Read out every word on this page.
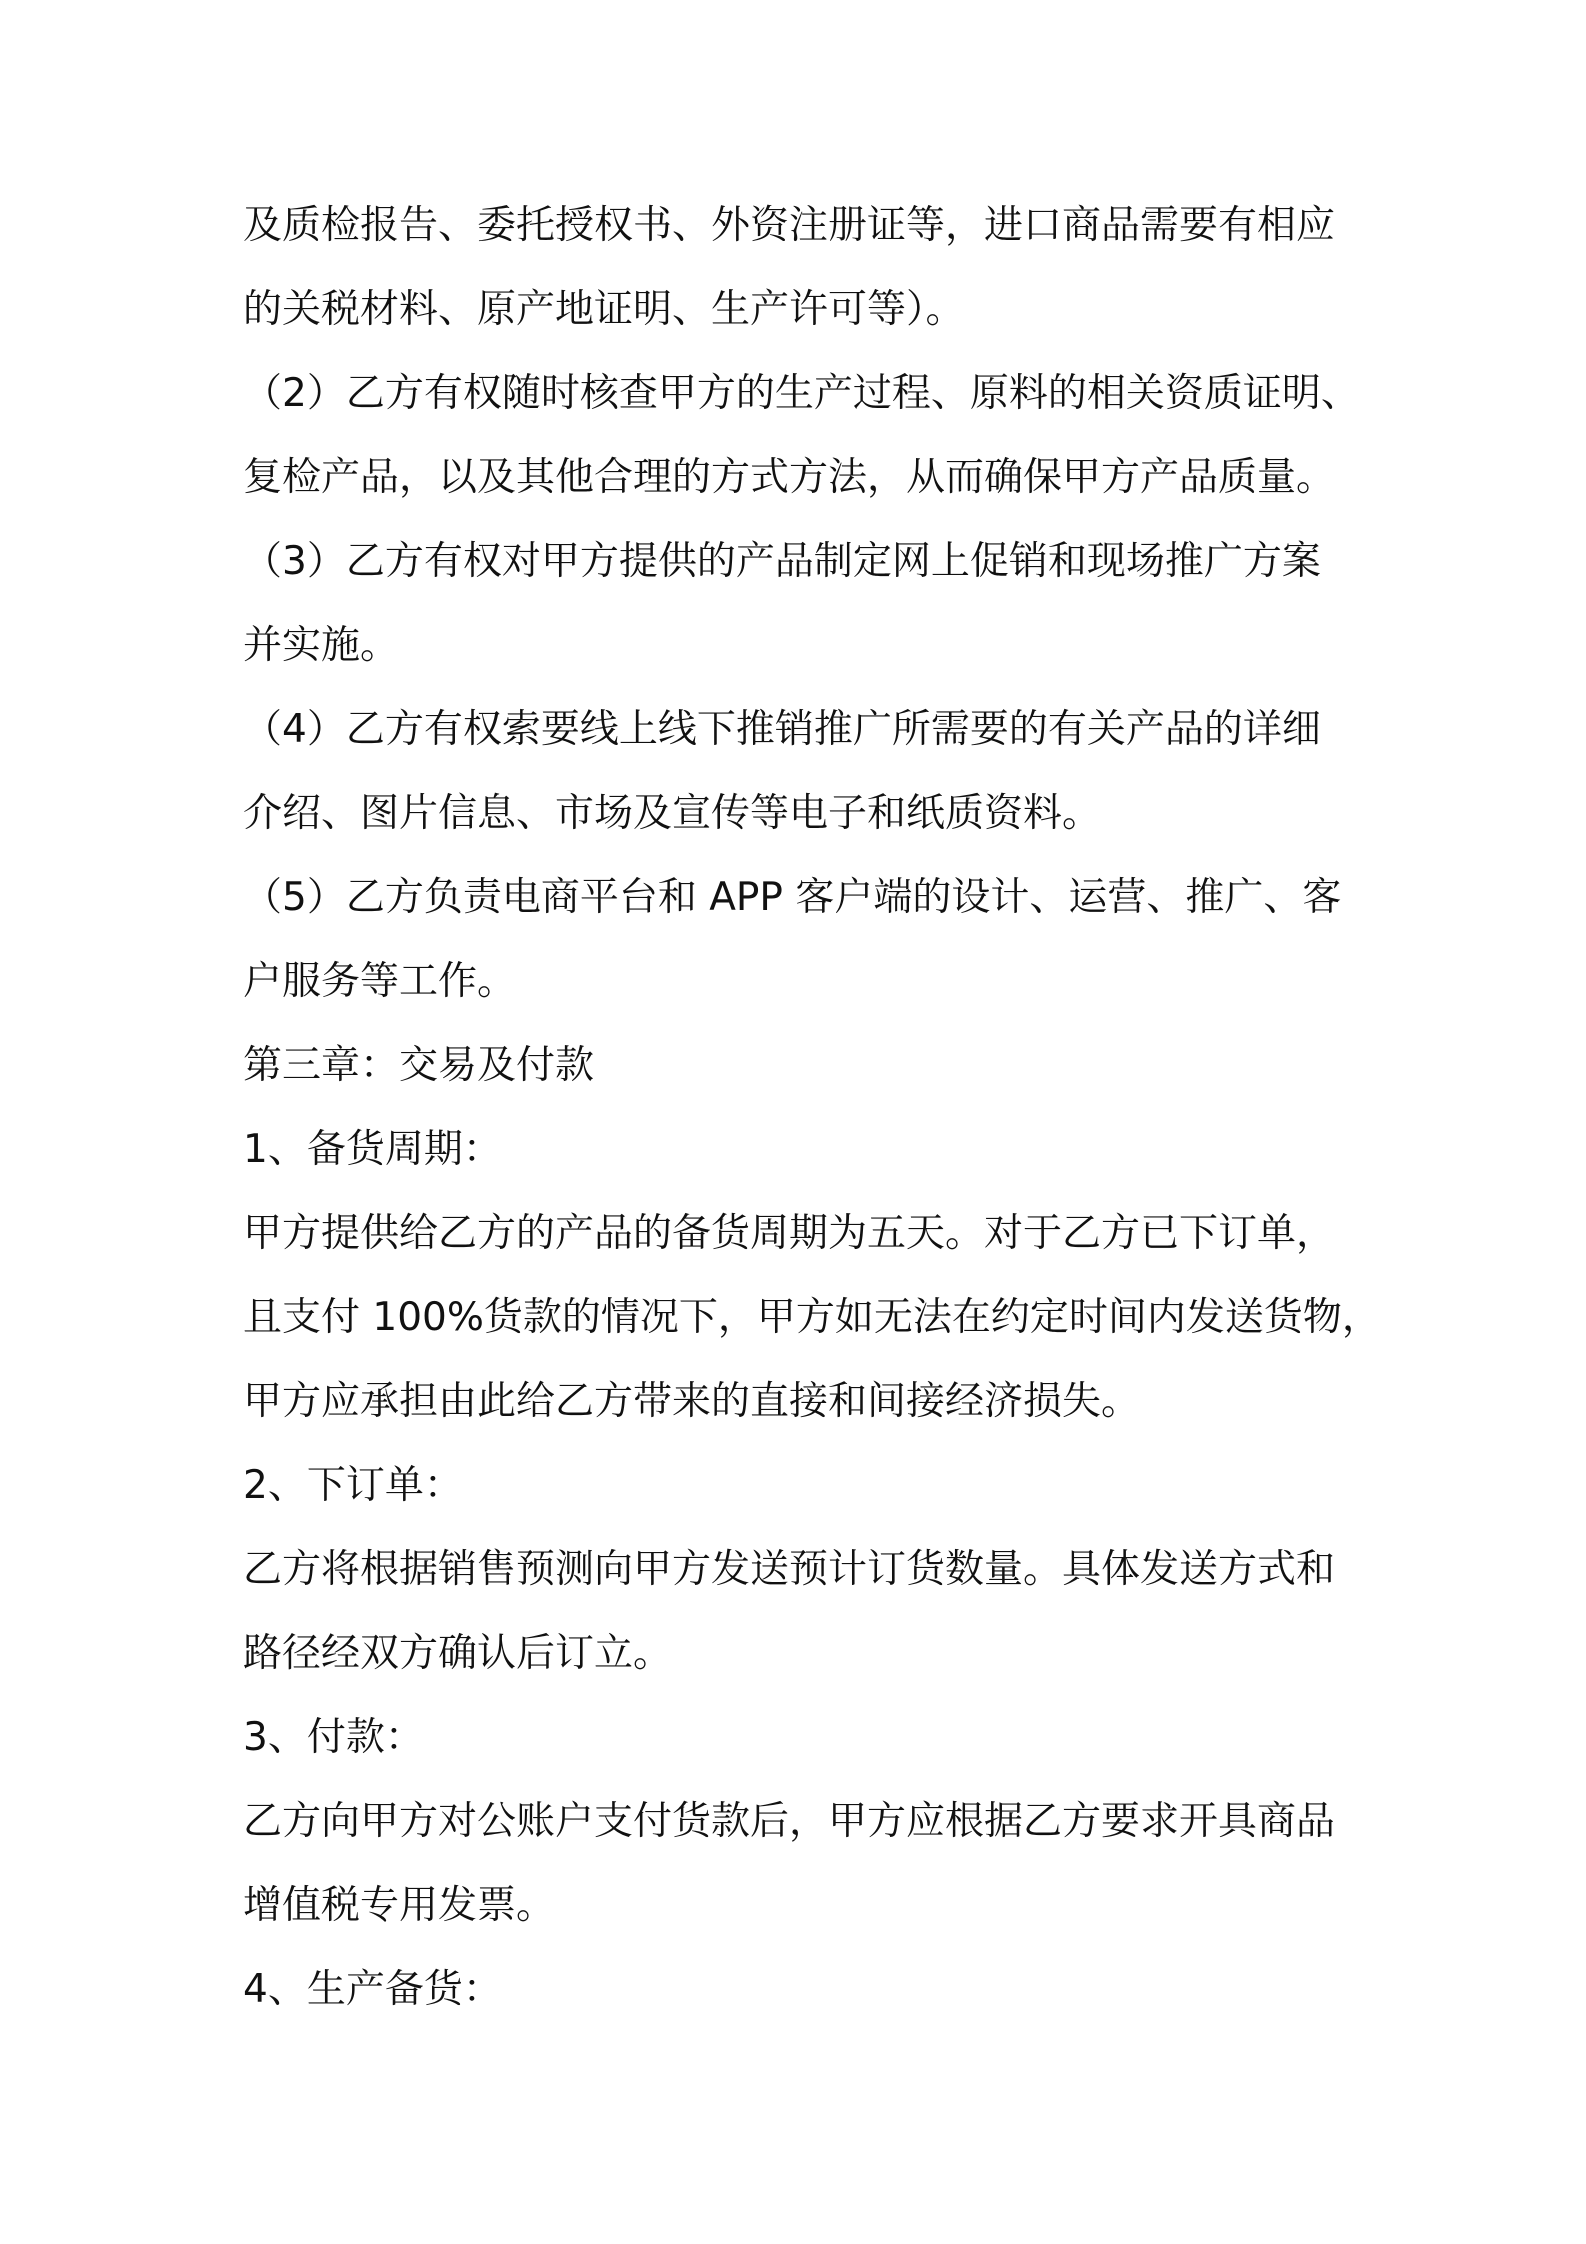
及质检报告、委托授权书、外资注册证等，进口商品需要有相应
的关税材料、原产地证明、生产许可等）。
（2）乙方有权随时核查甲方的生产过程、原料的相关资质证明、
复检产品，以及其他合理的方式方法，从而确保甲方产品质量。
（3）乙方有权对甲方提供的产品制定网上促销和现场推广方案
并实施。
（4）乙方有权索要线上线下推销推广所需要的有关产品的详细
介绍、图片信息、市场及宣传等电子和纸质资料。
（5）乙方负责电商平台和 APP 客户端的设计、运营、推广、客
户服务等工作。
第三章：交易及付款
1、备货周期：
甲方提供给乙方的产品的备货周期为五天。对于乙方已下订单，
且支付 100%货款的情况下，甲方如无法在约定时间内发送货物，
甲方应承担由此给乙方带来的直接和间接经济损失。
2、下订单：
乙方将根据销售预测向甲方发送预计订货数量。具体发送方式和
路径经双方确认后订立。
3、付款：
乙方向甲方对公账户支付货款后，甲方应根据乙方要求开具商品
增值税专用发票。
4、生产备货：
